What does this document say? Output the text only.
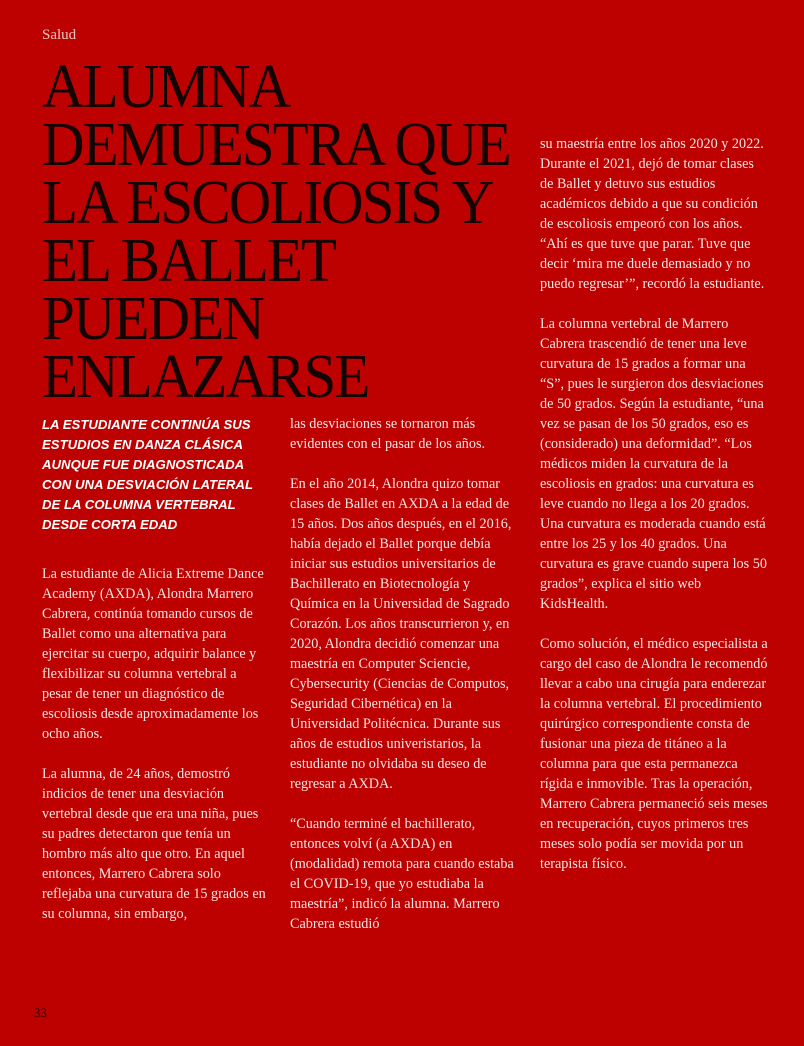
Salud
ALUMNA DEMUESTRA QUE LA ESCOLIOSIS Y EL BALLET PUEDEN ENLAZARSE
LA ESTUDIANTE CONTINÚA SUS ESTUDIOS EN DANZA CLÁSICA AUNQUE FUE DIAGNOSTICADA CON UNA DESVIACIÓN LATERAL DE LA COLUMNA VERTEBRAL DESDE CORTA EDAD

La estudiante de Alicia Extreme Dance Academy (AXDA), Alondra Marrero Cabrera, continúa tomando cursos de Ballet como una alternativa para ejercitar su cuerpo, adquirir balance y flexibilizar su columna vertebral a pesar de tener un diagnóstico de escoliosis desde aproximadamente los ocho años.

La alumna, de 24 años, demostró indicios de tener una desviación vertebral desde que era una niña, pues su padres detectaron que tenía un hombro más alto que otro. En aquel entonces, Marrero Cabrera solo reflejaba una curvatura de 15 grados en su columna, sin embargo,

las desviaciones se tornaron más evidentes con el pasar de los años.

En el año 2014, Alondra quizo tomar clases de Ballet en AXDA a la edad de 15 años. Dos años después, en el 2016, había dejado el Ballet porque debía iniciar sus estudios universitarios de Bachillerato en Biotecnología y Química en la Universidad de Sagrado Corazón. Los años transcurrieron y, en 2020, Alondra decidió comenzar una maestría en Computer Sciencie, Cybersecurity (Ciencias de Computos, Seguridad Cibernética) en la Universidad Politécnica. Durante sus años de estudios univeristarios, la estudiante no olvidaba su deseo de regresar a AXDA.

“Cuando terminé el bachillerato, entonces volví (a AXDA) en (modalidad) remota para cuando estaba el COVID-19, que yo estudiaba la maestría”, indicó la alumna. Marrero Cabrera estudió

su maestría entre los años 2020 y 2022. Durante el 2021, dejó de tomar clases de Ballet y detuvo sus estudios académicos debido a que su condición de escoliosis empeoró con los años. “Ahí es que tuve que parar. Tuve que decir ‘mira me duele demasiado y no puedo regresar’”, recordó la estudiante.

La columna vertebral de Marrero Cabrera trascendió de tener una leve curvatura de 15 grados a formar una “S”, pues le surgieron dos desviaciones de 50 grados. Según la estudiante, “una vez se pasan de los 50 grados, eso es (considerado) una deformidad”. “Los médicos miden la curvatura de la escoliosis en grados: una curvatura es leve cuando no llega a los 20 grados. Una curvatura es moderada cuando está entre los 25 y los 40 grados. Una curvatura es grave cuando supera los 50 grados”, explica el sitio web KidsHealth.

Como solución, el médico especialista a cargo del caso de Alondra le recomendó llevar a cabo una cirugía para enderezar la columna vertebral. El procedimiento quirúrgico correspondiente consta de fusionar una pieza de titáneo a la columna para que esta permanezca rígida e inmovible. Tras la operación, Marrero Cabrera permaneció seis meses en recuperación, cuyos primeros tres meses solo podía ser movida por un terapista físico.

33
